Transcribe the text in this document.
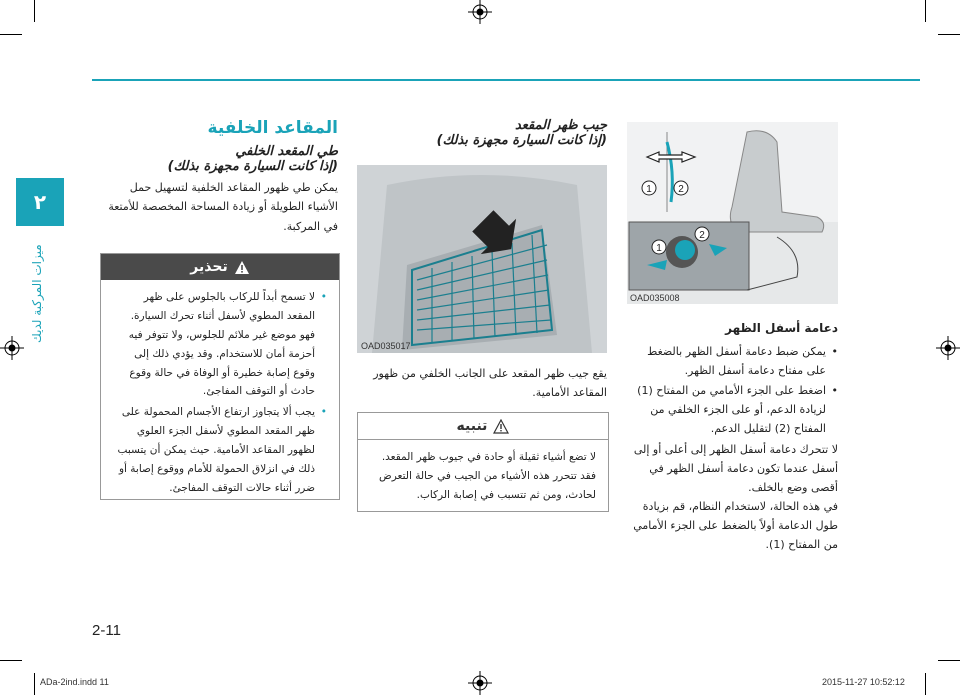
٢
ميزات المركبة لديك
المقاعد الخلفية
طي المقعد الخلفي
(إذا كانت السيارة مجهزة بذلك)
يمكن طي ظهور المقاعد الخلفية لتسهيل حمل الأشياء الطويلة أو زيادة المساحة المخصصة للأمتعة في المركبة.
تحذير
• لا تسمح أبداً للركاب بالجلوس على ظهر المقعد المطوي لأسفل أثناء تحرك السيارة. فهو موضع غير ملائم للجلوس، ولا تتوفر فيه أحزمة أمان للاستخدام. وقد يؤدي ذلك إلى وقوع إصابة خطيرة أو الوفاة في حالة وقوع حادث أو التوقف المفاجئ.
• يجب ألا يتجاوز ارتفاع الأجسام المحمولة على ظهر المقعد المطوي لأسفل الجزء العلوي لظهور المقاعد الأمامية. حيث يمكن أن يتسبب ذلك في انزلاق الحمولة للأمام ووقوع إصابة أو ضرر أثناء حالات التوقف المفاجئ.
جيب ظهر المقعد
(إذا كانت السيارة مجهزة بذلك)
OAD035017
يقع جيب ظهر المقعد على الجانب الخلفي من ظهور المقاعد الأمامية.
تنبيه
لا تضع أشياء ثقيلة أو حادة في جيوب ظهر المقعد. فقد تتحرر هذه الأشياء من الجيب في حالة التعرض لحادث، ومن ثم تتسبب في إصابة الركاب.
1	2
1
2
OAD035008
دعامة أسفل الظهر
• يمكن ضبط دعامة أسفل الظهر بالضغط على مفتاح دعامة أسفل الظهر.
• اضغط على الجزء الأمامي من المفتاح (1) لزيادة الدعم، أو على الجزء الخلفي من المفتاح (2) لتقليل الدعم.
لا تتحرك دعامة أسفل الظهر إلى أعلى أو إلى أسفل عندما تكون دعامة أسفل الظهر في أقصى وضع بالخلف.
في هذه الحالة، لاستخدام النظام، قم بزيادة طول الدعامة أولاً بالضغط على الجزء الأمامي من المفتاح (1).
2-11
ADa-2ind.indd 11	2015-11-27 10:52:12
